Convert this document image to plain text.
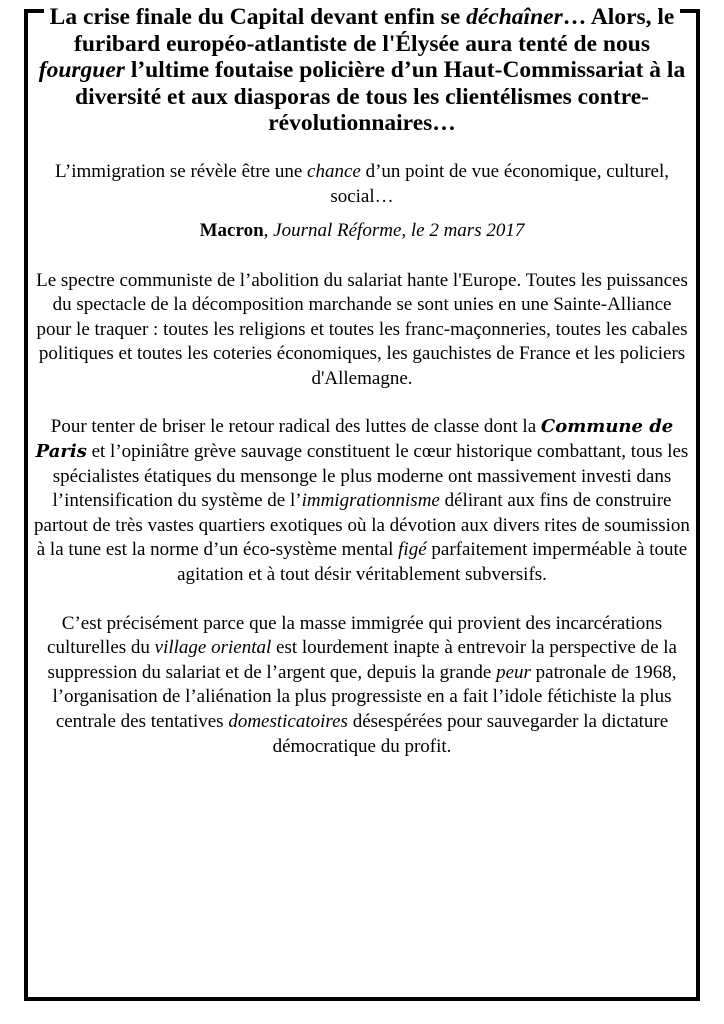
La crise finale du Capital devant enfin se déchaîner… Alors, le furibard européo-atlantiste de l'Élysée aura tenté de nous fourguer l’ultime foutaise policière d’un Haut-Commissariat à la diversité et aux diasporas de tous les clientélismes contre-révolutionnaires…

L’immigration se révèle être une chance d’un point de vue économique, culturel, social…

Macron, Journal Réforme, le 2 mars 2017

Le spectre communiste de l’abolition du salariat hante l'Europe. Toutes les puissances du spectacle de la décomposition marchande se sont unies en une Sainte-Alliance pour le traquer : toutes les religions et toutes les franc-maçonneries, toutes les cabales politiques et toutes les coteries économiques, les gauchistes de France et les policiers d'Allemagne.

Pour tenter de briser le retour radical des luttes de classe dont la Commune de Paris et l’opiniâtre grève sauvage constituent le cœur historique combattant, tous les spécialistes étatiques du mensonge le plus moderne ont massivement investi dans l’intensification du système de l’immigrationnisme délirant aux fins de construire partout de très vastes quartiers exotiques où la dévotion aux divers rites de soumission à la tune est la norme d’un éco-système mental figé parfaitement imperméable à toute agitation et à tout désir véritablement subversifs.

C’est précisément parce que la masse immigrée qui provient des incarcérations culturelles du village oriental est lourdement inapte à entrevoir la perspective de la suppression du salariat et de l’argent que, depuis la grande peur patronale de 1968, l’organisation de l’aliénation la plus progressiste en a fait l’idole fétichiste la plus centrale des tentatives domesticatoires désespérées pour sauvegarder la dictature démocratique du profit.
